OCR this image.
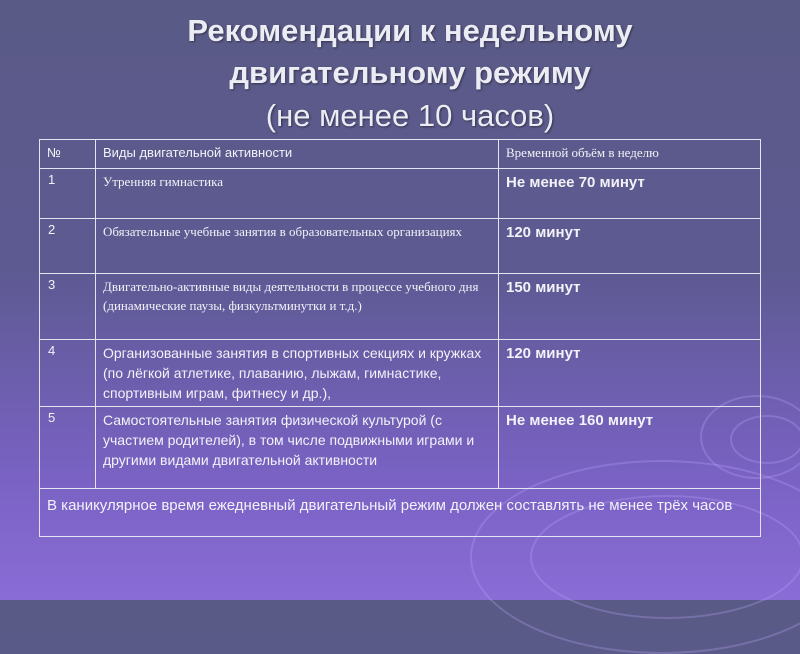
Рекомендации к недельному
двигательному режиму
(не менее 10 часов)
№	Виды двигательной активности	Временной объём в неделю
1	Утренняя гимнастика	Не менее 70 минут
2	Обязательные учебные занятия в образовательных организациях	120 минут
3	Двигательно-активные виды деятельности в процессе учебного дня (динамические паузы, физкультминутки и т.д.)	150 минут
4	Организованные занятия в спортивных секциях и кружках (по лёгкой атлетике, плаванию, лыжам, гимнастике, спортивным играм, фитнесу и др.),	120 минут
5	Самостоятельные занятия физической культурой (с участием родителей), в том числе подвижными играми и другими видами двигательной активности	Не менее 160 минут
В каникулярное время ежедневный двигательный режим должен составлять не менее трёх часов		
